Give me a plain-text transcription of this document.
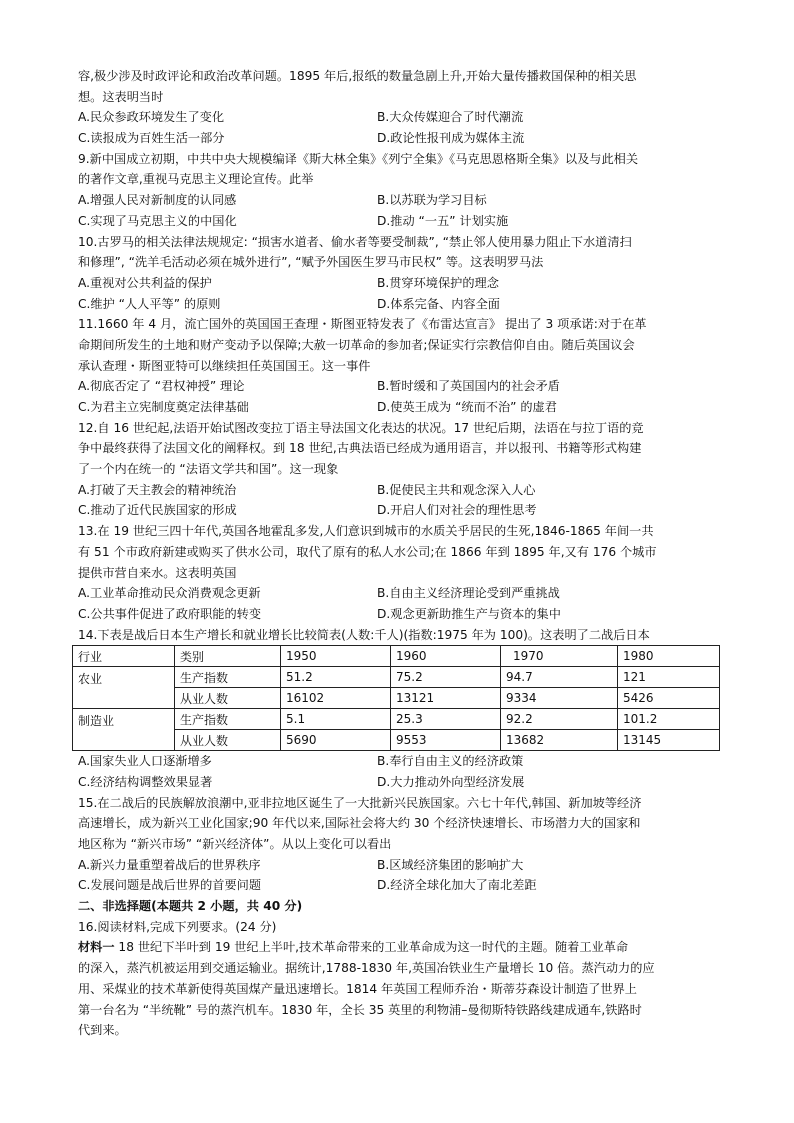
容,极少涉及时政评论和政治改革问题。1895 年后,报纸的数量急剧上升,开始大量传播救国保种的相关思
想。这表明当时
A.民众参政环境发生了变化	B.大众传媒迎合了时代潮流
C.读报成为百姓生活一部分	D.政论性报刊成为媒体主流
9.新中国成立初期，中共中央大规模编译《斯大林全集》《列宁全集》《马克思恩格斯全集》以及与此相关
的著作文章,重视马克思主义理论宣传。此举
A.增强人民对新制度的认同感	B.以苏联为学习目标
C.实现了马克思主义的中国化	D.推动 “一五” 计划实施
10.古罗马的相关法律法规规定: “损害水道者、偷水者等要受制裁”, “禁止邻人使用暴力阻止下水道清扫
和修理”, “洗羊毛活动必须在城外进行”, “赋予外国医生罗马市民权” 等。这表明罗马法
A.重视对公共利益的保护	B.贯穿环境保护的理念
C.维护 “人人平等” 的原则	D.体系完备、内容全面
11.1660 年 4 月，流亡国外的英国国王查理・斯图亚特发表了《布雷达宣言》 提出了 3 项承诺:对于在革
命期间所发生的土地和财产变动予以保障;大赦一切革命的参加者;保证实行宗教信仰自由。随后英国议会
承认查理・斯图亚特可以继续担任英国国王。这一事件
A.彻底否定了 “君权神授” 理论	B.暂时缓和了英国国内的社会矛盾
C.为君主立宪制度奠定法律基础	D.使英王成为 “统而不治” 的虚君
12.自 16 世纪起,法语开始试图改变拉丁语主导法国文化表达的状况。17 世纪后期，法语在与拉丁语的竞
争中最终获得了法国文化的阐释权。到 18 世纪,古典法语已经成为通用语言，并以报刊、书籍等形式构建
了一个内在统一的 “法语文学共和国”。这一现象
A.打破了天主教会的精神统治	B.促使民主共和观念深入人心
C.推动了近代民族国家的形成	D.开启人们对社会的理性思考
13.在 19 世纪三四十年代,英国各地霍乱多发,人们意识到城市的水质关乎居民的生死,1846-1865 年间一共
有 51 个市政府新建或购买了供水公司，取代了原有的私人水公司;在 1866 年到 1895 年,又有 176 个城市
提供市营自来水。这表明英国
A.工业革命推动民众消费观念更新	B.自由主义经济理论受到严重挑战
C.公共事件促进了政府职能的转变	D.观念更新助推生产与资本的集中
14.下表是战后日本生产增长和就业增长比较简表(人数:千人)(指数:1975 年为 100)。这表明了二战后日本
行业	类别	1950	1960	1970	1980
农业	生产指数	51.2	75.2	94.7	121
	从业人数	16102	13121	9334	5426
制造业	生产指数	5.1	25.3	92.2	101.2
	从业人数	5690	9553	13682	13145
A.国家失业人口逐渐增多	B.奉行自由主义的经济政策
C.经济结构调整效果显著	D.大力推动外向型经济发展
15.在二战后的民族解放浪潮中,亚非拉地区诞生了一大批新兴民族国家。六七十年代,韩国、新加坡等经济
高速增长，成为新兴工业化国家;90 年代以来,国际社会将大约 30 个经济快速增长、市场潜力大的国家和
地区称为 “新兴市场” “新兴经济体”。从以上变化可以看出
A.新兴力量重塑着战后的世界秩序	B.区域经济集团的影响扩大
C.发展问题是战后世界的首要问题	D.经济全球化加大了南北差距
二、非选择题(本题共 2 小题，共 40 分)
16.阅读材料,完成下列要求。(24 分)
材料一 18 世纪下半叶到 19 世纪上半叶,技术革命带来的工业革命成为这一时代的主题。随着工业革命
的深入，蒸汽机被运用到交通运输业。据统计,1788-1830 年,英国冶铁业生产量增长 10 倍。蒸汽动力的应
用、采煤业的技术革新使得英国煤产量迅速增长。1814 年英国工程师乔治・斯蒂芬森设计制造了世界上
第一台名为 “半统靴” 号的蒸汽机车。1830 年，全长 35 英里的利物浦–曼彻斯特铁路线建成通车,铁路时
代到来。
